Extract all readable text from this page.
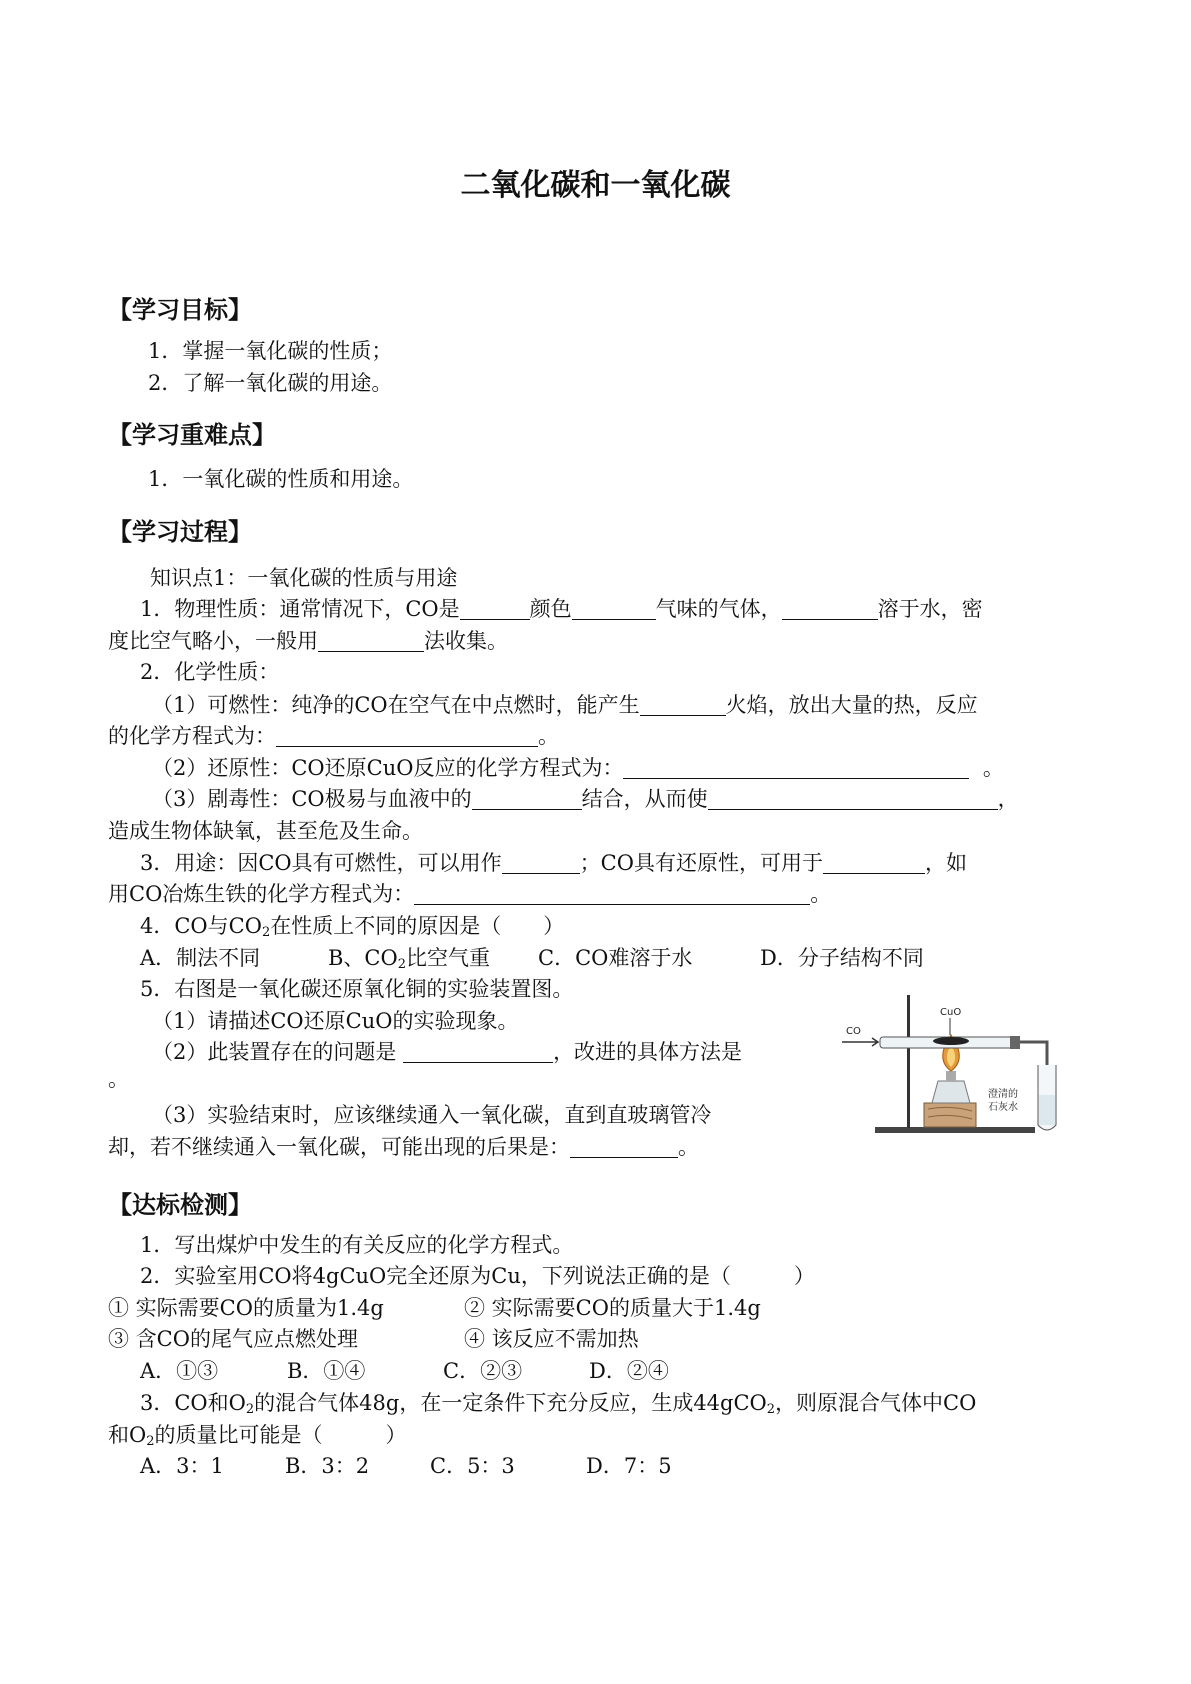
二氧化碳和一氧化碳
【学习目标】
1．掌握一氧化碳的性质；
2．了解一氧化碳的用途。
【学习重难点】
1．一氧化碳的性质和用途。
【学习过程】
知识点1：一氧化碳的性质与用途
1．物理性质：通常情况下，CO是	颜色	气味的气体，	溶于水，密
度比空气略小，一般用	法收集。
2．化学性质：
（1）可燃性：纯净的CO在空气在中点燃时，能产生	火焰，放出大量的热，反应
的化学方程式为：	。
（2）还原性：CO还原CuO反应的化学方程式为：	。
（3）剧毒性：CO极易与血液中的	结合，从而使	，
造成生物体缺氧，甚至危及生命。
3．用途：因CO具有可燃性，可以用作	；CO具有还原性，可用于	，如
用CO冶炼生铁的化学方程式为：	。
4．CO与$CO_2$在性质上不同的原因是（　　）
A．制法不同	B、$CO_2$比空气重 C．CO难溶于水	D．分子结构不同
5．右图是一氧化碳还原氧化铜的实验装置图。
（1）请描述CO还原CuO的实验现象。
（2）此装置存在的问题是	，改进的具体方法是
。
（3）实验结束时，应该继续通入一氧化碳，直到直玻璃管冷
却，若不继续通入一氧化碳，可能出现的后果是：	。
CO
CuO
澄清的
石灰水
【达标检测】
1．写出煤炉中发生的有关反应的化学方程式。
2．实验室用CO将4gCuO完全还原为Cu，下列说法正确的是（　　　）
① 实际需要CO的质量为1.4g	② 实际需要CO的质量大于1.4g
③ 含CO的尾气应点燃处理	④ 该反应不需加热
A．①③	B．①④	C．②③	D．②④
3．CO和$O_2$的混合气体48g，在一定条件下充分反应，生成44gCO$_2$，则原混合气体中CO
和$O_2$的质量比可能是（　　　）
A．3：1	B．3：2	C．5：3	D．7：5
